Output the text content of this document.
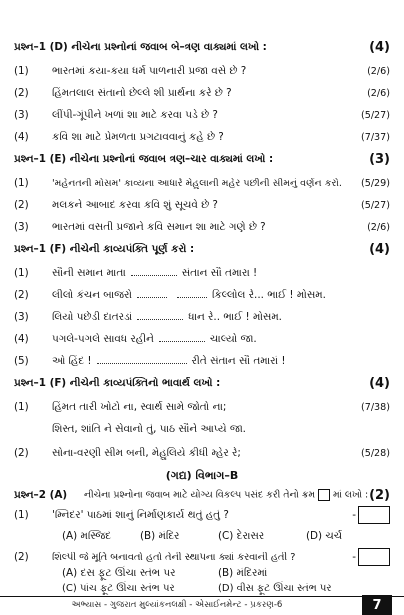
પ્રશ્ન–1 (D) નીચેના પ્રશ્નોનાં જવાબ બે–ત્રણ વાક્યમાં લખો :	(4)
(1)	ભારતમાં કયા-કયા ધર્મ પાળનારી પ્રજા વસે છે ?	(2/6)
(2)	હિંમતલાલ સંતાનો છેલ્લે શી પ્રાર્થના કરે છે ?	(2/6)
(3)	લીંપી-ગૂંપીને ખળાં શા માટે કરવા પડે છે ?	(5/27)
(4)	કવિ શા માટે પ્રેમળતા પ્રગટાવવાનું કહે છે ?	(7/37)
પ્રશ્ન–1 (E) નીચેના પ્રશ્નોનાં જવાબ ત્રણ–ચાર વાક્યમાં લખો :	(3)
(1)	'મહેનતની મોસમ' કાવ્યના આધારે મેહુલાની મહેર પછીની સીમનું વર્ણન કરો.	(5/29)
(2)	મલકને આબાદ કરવા કવિ શું સૂચવે છે ?	(5/27)
(3)	ભારતમાં વસતી પ્રજાને કવિ સમાન શા માટે ગણે છે ?	(2/6)
પ્રશ્ન–1 (F) નીચેની કાવ્યપંક્તિ પૂર્ણ કરો :	(4)
(1)	સૌની સમાન માતા	સંતાન સૌ તમારા !
(2)	લીલો કંચન બાજરો	કિલ્લોલ રે... ભાઈ ! મોસમ.
(3)	લિયો પછેડી દાતરડાં	ધાન રે.. ભાઈ ! મોસમ.
(4)	પગલે-પગલે સાવધ રહીને	ચાલ્યો જા.
(5)	ઓ હિંદ !	રીતે સંતાન સૌ તમારાં !
પ્રશ્ન–1 (F) નીચેની કાવ્યપંક્તિનો ભાવાર્થ લખો :	(4)
(1)	હિંમત તારી ખોટો ના, સ્વાર્થ સામે જોતો ના;	(7/38)
શિસ્ત, શાંતિ ને સેવાનો તું, પાઠ સૌને આપ્યે જા.
(2)	સોના-વરણી સીમ બની, મેહુલિયે કીધી મ્હેર રે;	(5/28)
(ગદ્ય) વિભાગ–B
પ્રશ્ન–2 (A) નીચેના પ્રશ્નોના જવાબ માટે યોગ્ય વિકલ્પ પસંદ કરી તેનો ક્રમ માં લખો : (2)
(1)	'મ્નિદર' પાઠમાં શાનું નિર્માણકાર્ય થતું હતું ?	-
(A) મસ્જિદ	(B) મંદિર	(C) દેરાસર	(D) ચર્ચ
(2)	શિલ્પી જે મૂર્તિ બનાવતો હતો તેની સ્થાપના ક્યાં કરવાની હતી ?	-
(A) દસ ફૂટ ઊંચા સ્તંભ પર	(B) મંદિરમાં
અભ્યાસ - ગુજરાત મુલ્યાંકનલક્ષી - એસાઈનમેન્ટ - પ્રકરણ-6	7
(C) પાંચ ફૂટ ઊંચા સ્તંભ પર	(D) વીસ ફૂટ ઊંચા સ્તંભ પર
